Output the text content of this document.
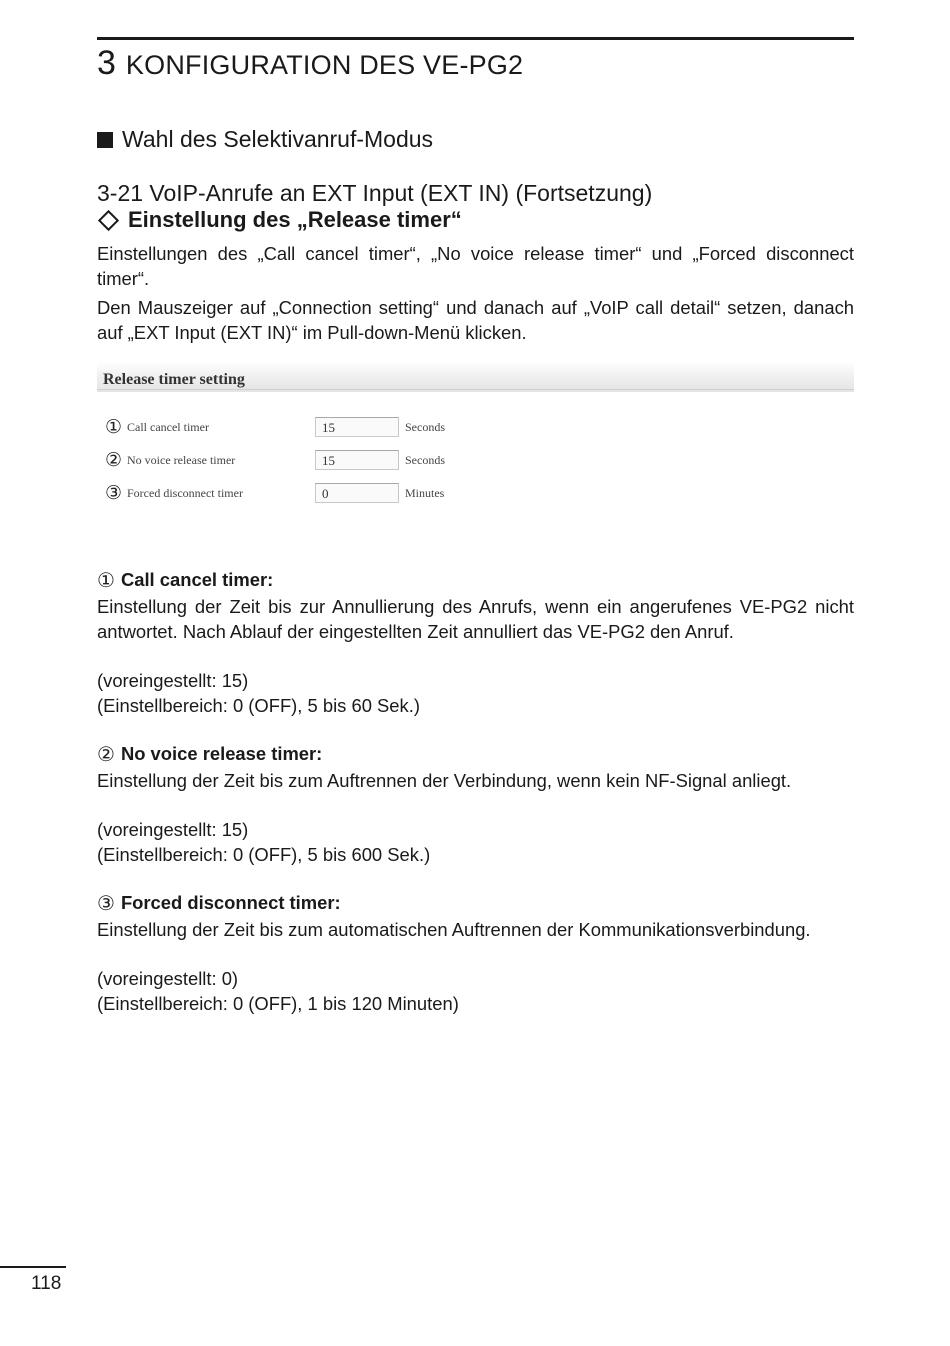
3 KONFIGURATION DES VE-PG2
Wahl des Selektivanruf-Modus
3-21 VoIP-Anrufe an EXT Input (EXT IN) (Fortsetzung)
Einstellung des „Release timer“

Einstellungen des „Call cancel timer“, „No voice release timer“ und „Forced disconnect timer“.

Den Mauszeiger auf „Connection setting“ und danach auf „VoIP call detail“ setzen, danach auf „EXT Input (EXT IN)“ im Pull-down-Menü klicken.

Release timer setting
① Call cancel timer	15	Seconds
② No voice release timer	15	Seconds
③ Forced disconnect timer	0	Minutes
① Call cancel timer:

Einstellung der Zeit bis zur Annullierung des Anrufs, wenn ein angerufenes VE-PG2 nicht antwortet. Nach Ablauf der eingestellten Zeit annulliert das VE-PG2 den Anruf.

(voreingestellt: 15)

(Einstellbereich: 0 (OFF), 5 bis 60 Sek.)

② No voice release timer:

Einstellung der Zeit bis zum Auftrennen der Verbindung, wenn kein NF-Signal anliegt.

(voreingestellt: 15)

(Einstellbereich: 0 (OFF), 5 bis 600 Sek.)

③ Forced disconnect timer:

Einstellung der Zeit bis zum automatischen Auftrennen der Kommunikationsverbindung.

(voreingestellt: 0)

(Einstellbereich: 0 (OFF), 1 bis 120 Minuten)

118
